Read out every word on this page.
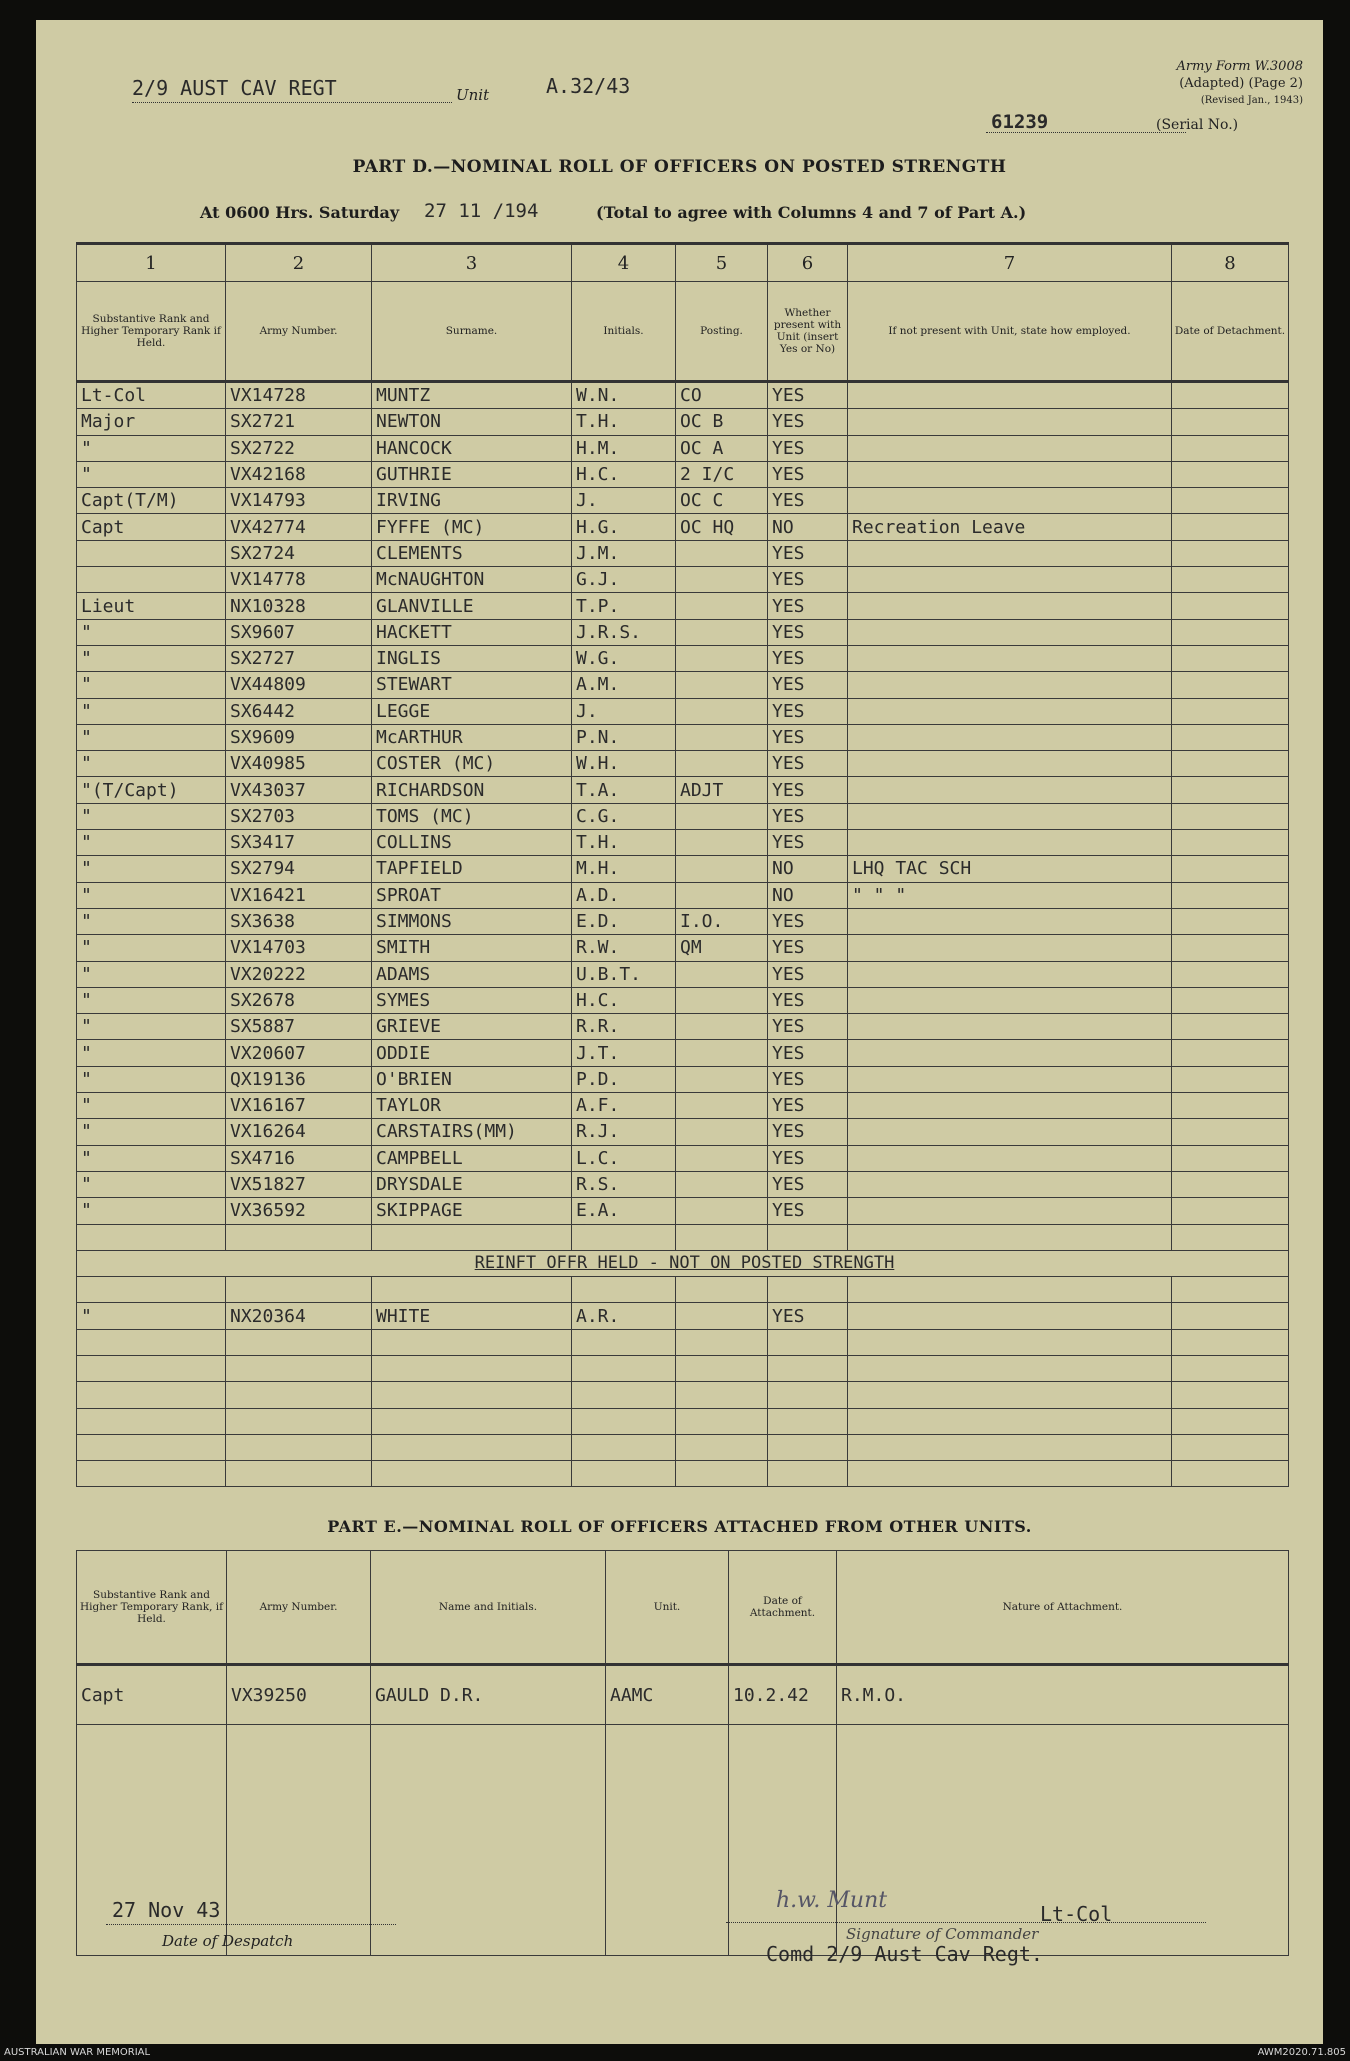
2/9 AUST CAV REGT	Unit	A.32/43
Army Form W.3008
(Adapted) (Page 2)
(Revised Jan., 1943)
61239	(Serial No.)
PART D.—NOMINAL ROLL OF OFFICERS ON POSTED STRENGTH
At 0600 Hrs. Saturday 27 11 /194	(Total to agree with Columns 4 and 7 of Part A.)
1	2	3	4	5	6	7	8
Substantive Rank and Higher Temporary Rank if Held.	Army Number.	Surname.	Initials.	Posting.	Whether present with Unit (insert Yes or No)	If not present with Unit, state how employed.	Date of Detachment.
Lt-Col	VX14728	MUNTZ	W.N.	CO	YES		
Major	SX2721	NEWTON	T.H.	OC B	YES		
"	SX2722	HANCOCK	H.M.	OC A	YES		
"	VX42168	GUTHRIE	H.C.	2 I/C	YES		
Capt(T/M)	VX14793	IRVING	J.	OC C	YES		
Capt	VX42774	FYFFE (MC)	H.G.	OC HQ	NO	Recreation Leave	
	SX2724	CLEMENTS	J.M.		YES		
	VX14778	McNAUGHTON	G.J.		YES		
Lieut	NX10328	GLANVILLE	T.P.		YES		
"	SX9607	HACKETT	J.R.S.		YES		
"	SX2727	INGLIS	W.G.		YES		
"	VX44809	STEWART	A.M.		YES		
"	SX6442	LEGGE	J.		YES		
"	SX9609	McARTHUR	P.N.		YES		
"	VX40985	COSTER (MC)	W.H.		YES		
"(T/Capt)	VX43037	RICHARDSON	T.A.	ADJT	YES		
"	SX2703	TOMS (MC)	C.G.		YES		
"	SX3417	COLLINS	T.H.		YES		
"	SX2794	TAPFIELD	M.H.		NO	LHQ TAC SCH	
"	VX16421	SPROAT	A.D.		NO	" " "	
"	SX3638	SIMMONS	E.D.	I.O.	YES		
"	VX14703	SMITH	R.W.	QM	YES		
"	VX20222	ADAMS	U.B.T.		YES		
"	SX2678	SYMES	H.C.		YES		
"	SX5887	GRIEVE	R.R.		YES		
"	VX20607	ODDIE	J.T.		YES		
"	QX19136	O'BRIEN	P.D.		YES		
"	VX16167	TAYLOR	A.F.		YES		
"	VX16264	CARSTAIRS(MM)	R.J.		YES		
"	SX4716	CAMPBELL	L.C.		YES		
"	VX51827	DRYSDALE	R.S.		YES		
"	VX36592	SKIPPAGE	E.A.		YES		

REINFT OFFR HELD - NOT ON POSTED STRENGTH							

"	NX20364	WHITE	A.R.		YES		

PART E.—NOMINAL ROLL OF OFFICERS ATTACHED FROM OTHER UNITS.
Substantive Rank and Higher Temporary Rank, if Held.	Army Number.	Name and Initials.	Unit.	Date of Attachment.	Nature of Attachment.
Capt	VX39250	GAULD D.R.	AAMC	10.2.42	R.M.O.

27 Nov 43
Date of Despatch
h.w. Munt
Lt-Col
Signature of Commander
Comd 2/9 Aust Cav Regt.
AUSTRALIAN WAR MEMORIAL	AWM2020.71.805
